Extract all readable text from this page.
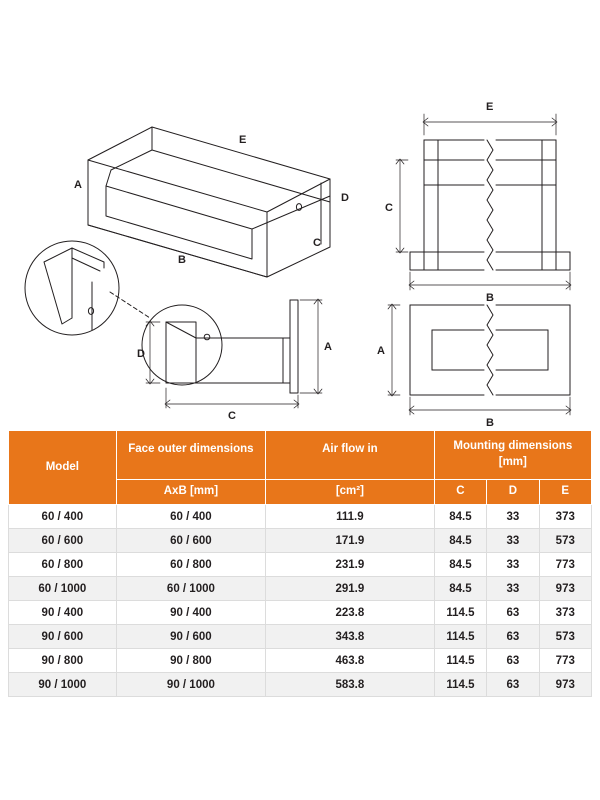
A
B
C
D
E
D
C
A
E
C
B
A
B
Model	Face outer dimensions	Air flow in	Mounting dimensions
[mm]		

	AxB [mm]	[cm²]	C	D	E
60 / 400	60 / 400	111.9	84.5	33	373
60 / 600	60 / 600	171.9	84.5	33	573
60 / 800	60 / 800	231.9	84.5	33	773
60 / 1000	60 / 1000	291.9	84.5	33	973
90 / 400	90 / 400	223.8	114.5	63	373
90 / 600	90 / 600	343.8	114.5	63	573
90 / 800	90 / 800	463.8	114.5	63	773
90 / 1000	90 / 1000	583.8	114.5	63	973
